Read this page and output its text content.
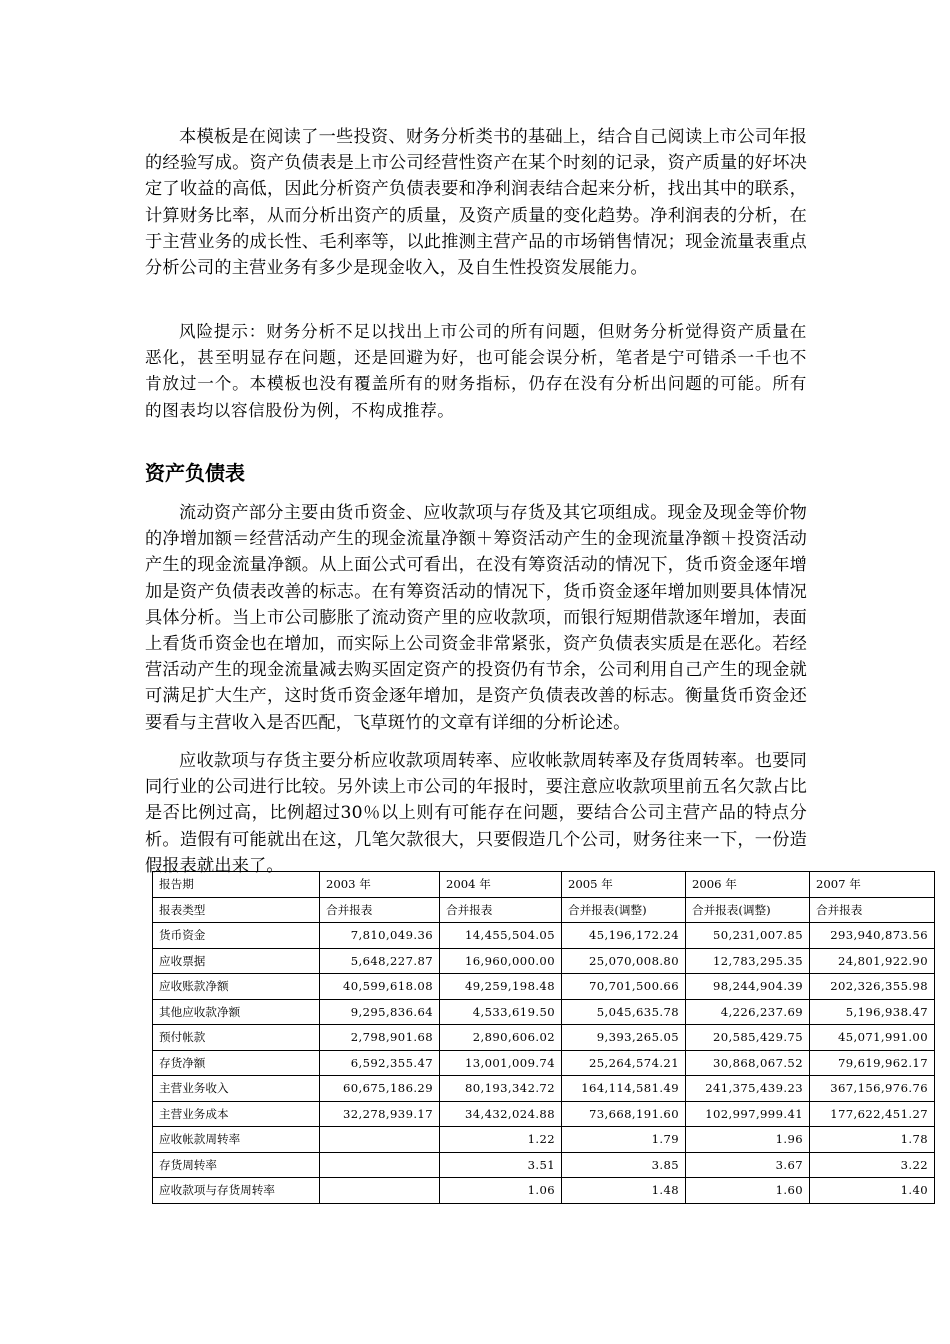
本模板是在阅读了一些投资、财务分析类书的基础上，结合自己阅读上市公司年报的经验写成。资产负债表是上市公司经营性资产在某个时刻的记录，资产质量的好坏决定了收益的高低，因此分析资产负债表要和净利润表结合起来分析，找出其中的联系，计算财务比率，从而分析出资产的质量，及资产质量的变化趋势。净利润表的分析，在于主营业务的成长性、毛利率等，以此推测主营产品的市场销售情况；现金流量表重点分析公司的主营业务有多少是现金收入，及自生性投资发展能力。

风险提示：财务分析不足以找出上市公司的所有问题，但财务分析觉得资产质量在恶化，甚至明显存在问题，还是回避为好，也可能会误分析，笔者是宁可错杀一千也不肯放过一个。本模板也没有覆盖所有的财务指标，仍存在没有分析出问题的可能。所有的图表均以容信股份为例，不构成推荐。

资产负债表

流动资产部分主要由货币资金、应收款项与存货及其它项组成。现金及现金等价物的净增加额＝经营活动产生的现金流量净额＋筹资活动产生的金现流量净额＋投资活动产生的现金流量净额。从上面公式可看出，在没有筹资活动的情况下，货币资金逐年增加是资产负债表改善的标志。在有筹资活动的情况下，货币资金逐年增加则要具体情况具体分析。当上市公司膨胀了流动资产里的应收款项，而银行短期借款逐年增加，表面上看货币资金也在增加，而实际上公司资金非常紧张，资产负债表实质是在恶化。若经营活动产生的现金流量减去购买固定资产的投资仍有节余，公司利用自己产生的现金就可满足扩大生产，这时货币资金逐年增加，是资产负债表改善的标志。衡量货币资金还要看与主营收入是否匹配，飞草斑竹的文章有详细的分析论述。

应收款项与存货主要分析应收款项周转率、应收帐款周转率及存货周转率。也要同同行业的公司进行比较。另外读上市公司的年报时，要注意应收款项里前五名欠款占比是否比例过高，比例超过30％以上则有可能存在问题，要结合公司主营产品的特点分析。造假有可能就出在这，几笔欠款很大，只要假造几个公司，财务往来一下，一份造假报表就出来了。

报告期	2003 年	2004 年	2005 年	2006 年	2007 年
报表类型	合并报表	合并报表	合并报表(调整)	合并报表(调整)	合并报表
货币资金	7,810,049.36	14,455,504.05	45,196,172.24	50,231,007.85	293,940,873.56
应收票据	5,648,227.87	16,960,000.00	25,070,008.80	12,783,295.35	24,801,922.90
应收账款净额	40,599,618.08	49,259,198.48	70,701,500.66	98,244,904.39	202,326,355.98
其他应收款净额	9,295,836.64	4,533,619.50	5,045,635.78	4,226,237.69	5,196,938.47
预付帐款	2,798,901.68	2,890,606.02	9,393,265.05	20,585,429.75	45,071,991.00
存货净额	6,592,355.47	13,001,009.74	25,264,574.21	30,868,067.52	79,619,962.17
主营业务收入	60,675,186.29	80,193,342.72	164,114,581.49	241,375,439.23	367,156,976.76
主营业务成本	32,278,939.17	34,432,024.88	73,668,191.60	102,997,999.41	177,622,451.27
应收帐款周转率		1.22	1.79	1.96	1.78
存货周转率		3.51	3.85	3.67	3.22
应收款项与存货周转率		1.06	1.48	1.60	1.40
